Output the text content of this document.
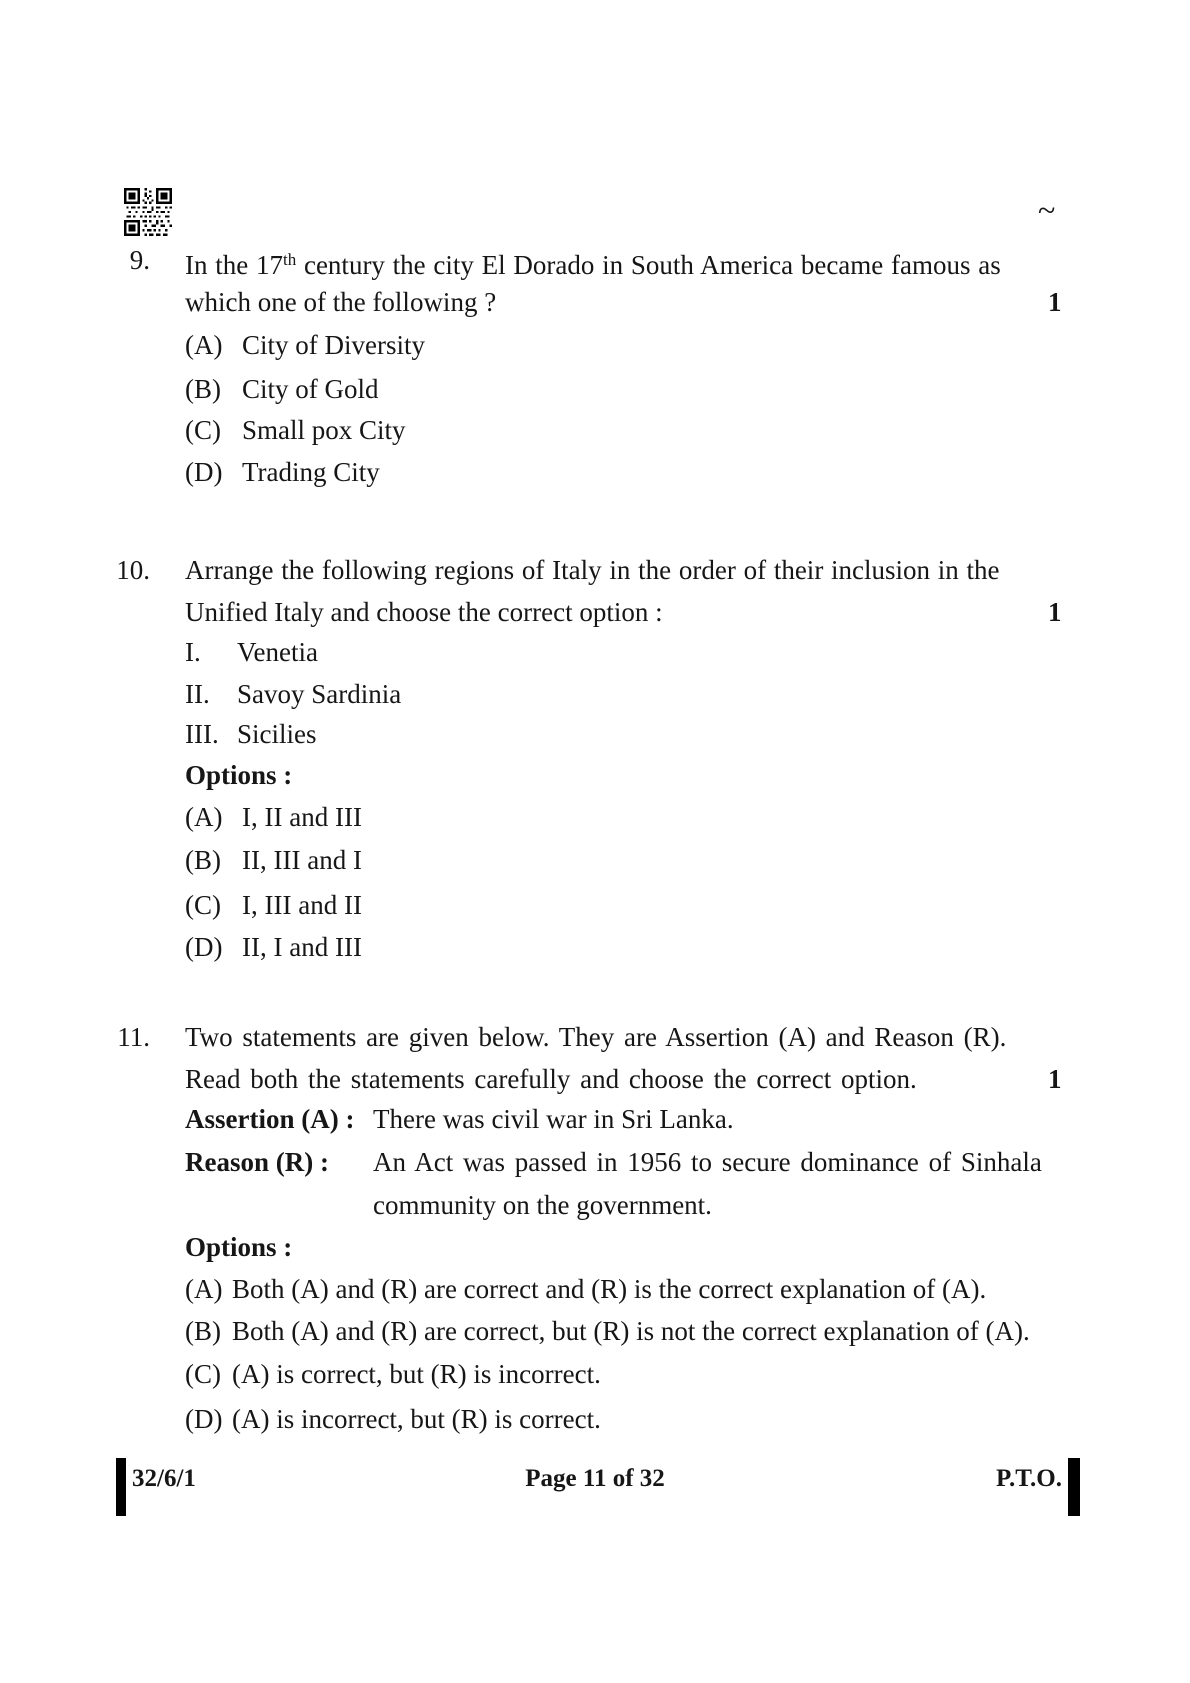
~
9. In the 17th century the city El Dorado in South America became famous as
which one of the following ?	1
(A) City of Diversity
(B) City of Gold
(C) Small pox City
(D) Trading City
10. Arrange the following regions of Italy in the order of their inclusion in the
Unified Italy and choose the correct option :	1
I. Venetia
II. Savoy Sardinia
III. Sicilies
Options :
(A) I, II and III
(B) II, III and I
(C) I, III and II
(D) II, I and III
11. Two statements are given below. They are Assertion (A) and Reason (R).
Read both the statements carefully and choose the correct option.	1
Assertion (A) : There was civil war in Sri Lanka.
Reason (R) : An Act was passed in 1956 to secure dominance of Sinhala
community on the government.
Options :
(A) Both (A) and (R) are correct and (R) is the correct explanation of (A).
(B) Both (A) and (R) are correct, but (R) is not the correct explanation of (A).
(C) (A) is correct, but (R) is incorrect.
(D) (A) is incorrect, but (R) is correct.
32/6/1	Page 11 of 32	P.T.O.
